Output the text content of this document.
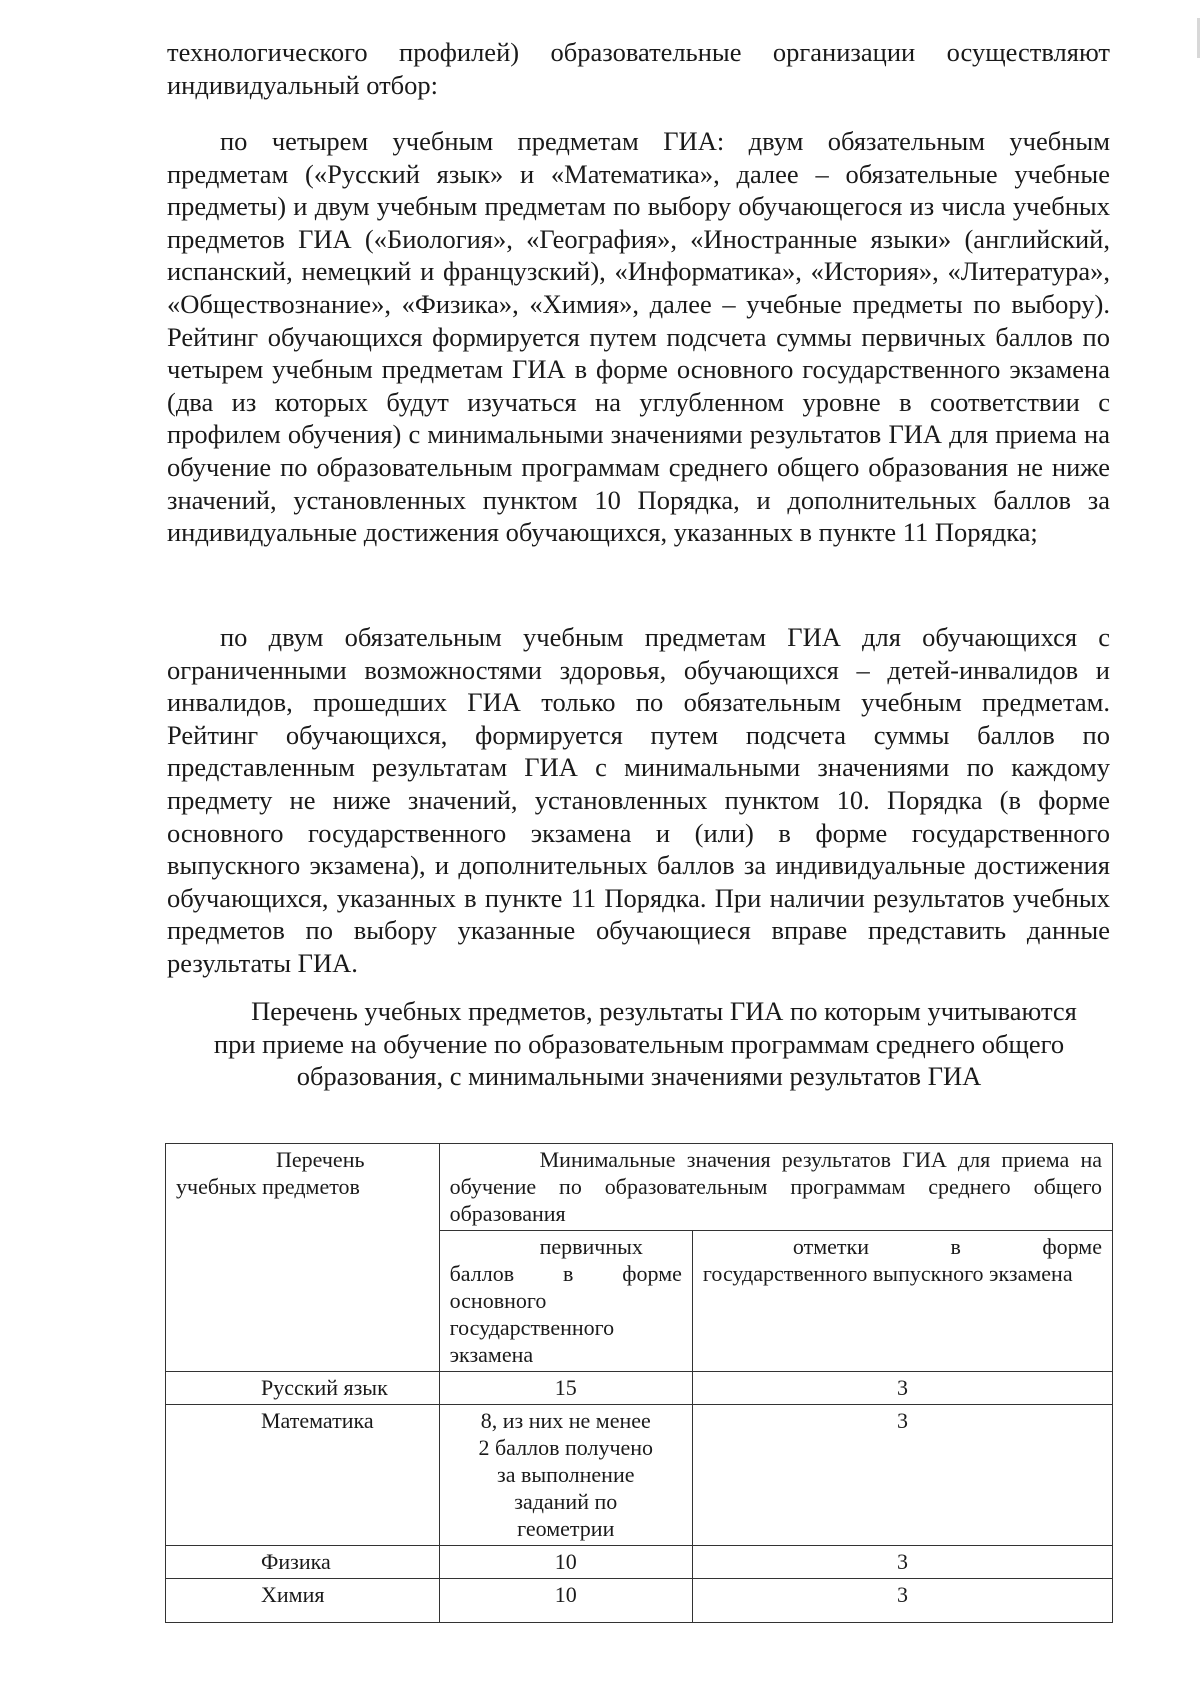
технологического профилей) образовательные организации осуществляют индивидуальный отбор:

по четырем учебным предметам ГИА: двум обязательным учебным предметам («Русский язык» и «Математика», далее – обязательные учебные предметы) и двум учебным предметам по выбору обучающегося из числа учебных предметов ГИА («Биология», «География», «Иностранные языки» (английский, испанский, немецкий и французский), «Информатика», «История», «Литература», «Обществознание», «Физика», «Химия», далее – учебные предметы по выбору). Рейтинг обучающихся формируется путем подсчета суммы первичных баллов по четырем учебным предметам ГИА в форме основного государственного экзамена (два из которых будут изучаться на углубленном уровне в соответствии с профилем обучения) с минимальными значениями результатов ГИА для приема на обучение по образовательным программам среднего общего образования не ниже значений, установленных пунктом 10 Порядка, и дополнительных баллов за индивидуальные достижения обучающихся, указанных в пункте 11 Порядка;

по двум обязательным учебным предметам ГИА для обучающихся с ограниченными возможностями здоровья, обучающихся – детей-инвалидов и инвалидов, прошедших ГИА только по обязательным учебным предметам. Рейтинг обучающихся, формируется путем подсчета суммы баллов по представленным результатам ГИА с минимальными значениями по каждому предмету не ниже значений, установленных пунктом 10. Порядка (в форме основного государственного экзамена и (или) в форме государственного выпускного экзамена), и дополнительных баллов за индивидуальные достижения обучающихся, указанных в пункте 11 Порядка. При наличии результатов учебных предметов по выбору указанные обучающиеся вправе представить данные результаты ГИА.

Перечень учебных предметов, результаты ГИА по которым учитываются
при приеме на обучение по образовательным программам среднего общего
образования, с минимальными значениями результатов ГИА
Перечень учебных предметов	Минимальные значения результатов ГИА для приема на обучение по образовательным программам среднего общего образования	
	первичных баллов в форме основного государственного экзамена	отметки в форме государственного выпускного экзамена
Русский язык	15	3
Математика	8, из них не менее 2 баллов получено за выполнение заданий по геометрии	3
Физика	10	3
Химия	10	3
